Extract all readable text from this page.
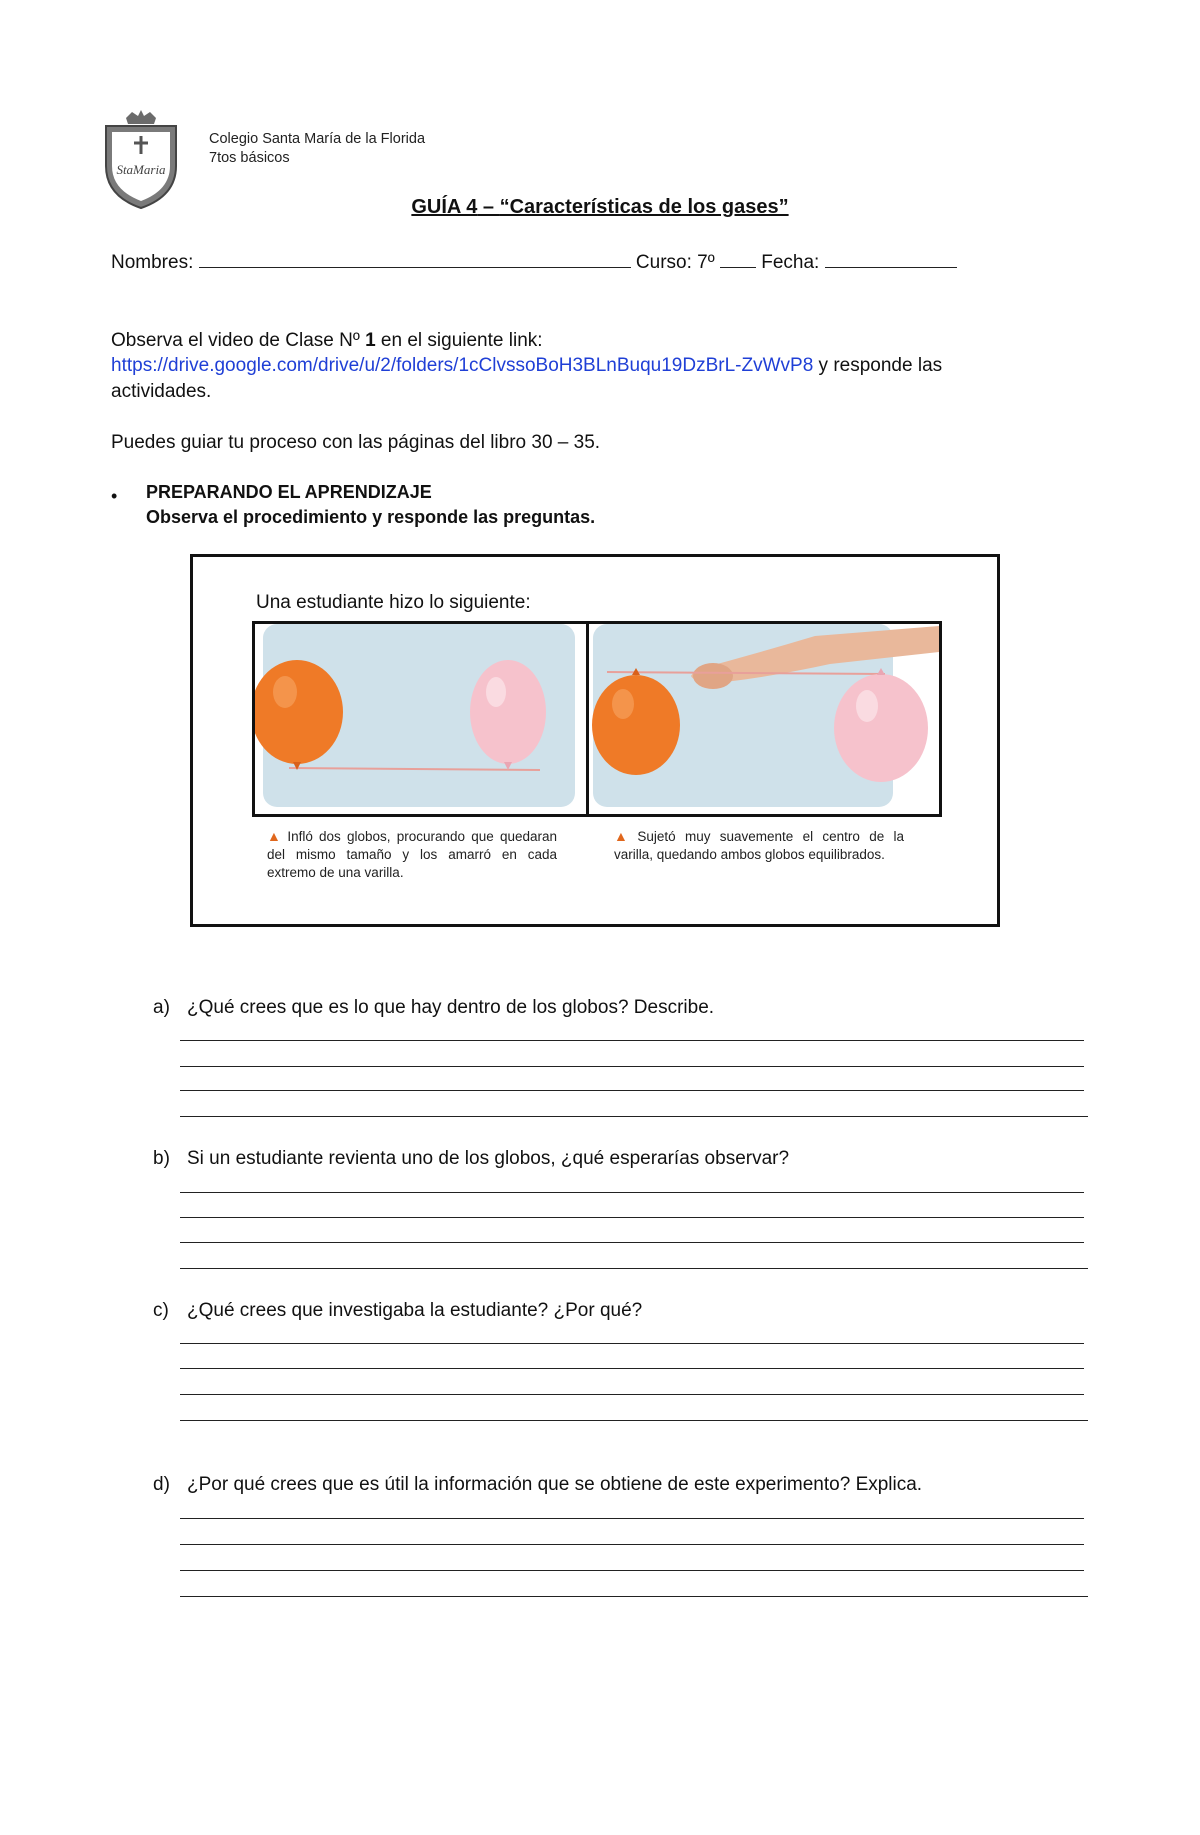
StaMaria
Colegio Santa María de la Florida
7tos básicos
GUÍA 4 – “Características de los gases”
Nombres:	Curso: 7º Fecha:
Observa el video de Clase Nº 1 en el siguiente link:
https://drive.google.com/drive/u/2/folders/1cClvssoBoH3BLnBuqu19DzBrL-ZvWvP8 y responde las
actividades.
Puedes guiar tu proceso con las páginas del libro 30 – 35.
• PREPARANDO EL APRENDIZAJE
Observa el procedimiento y responde las preguntas.
Una estudiante hizo lo siguiente:
▲ Infló dos globos, procurando que quedaran del mismo tamaño y los amarró en cada extremo de una varilla.
▲ Sujetó muy suavemente el centro de la varilla, quedando ambos globos equilibrados.
a) ¿Qué crees que es lo que hay dentro de los globos? Describe.
b) Si un estudiante revienta uno de los globos, ¿qué esperarías observar?
c) ¿Qué crees que investigaba la estudiante? ¿Por qué?
d) ¿Por qué crees que es útil la información que se obtiene de este experimento? Explica.
